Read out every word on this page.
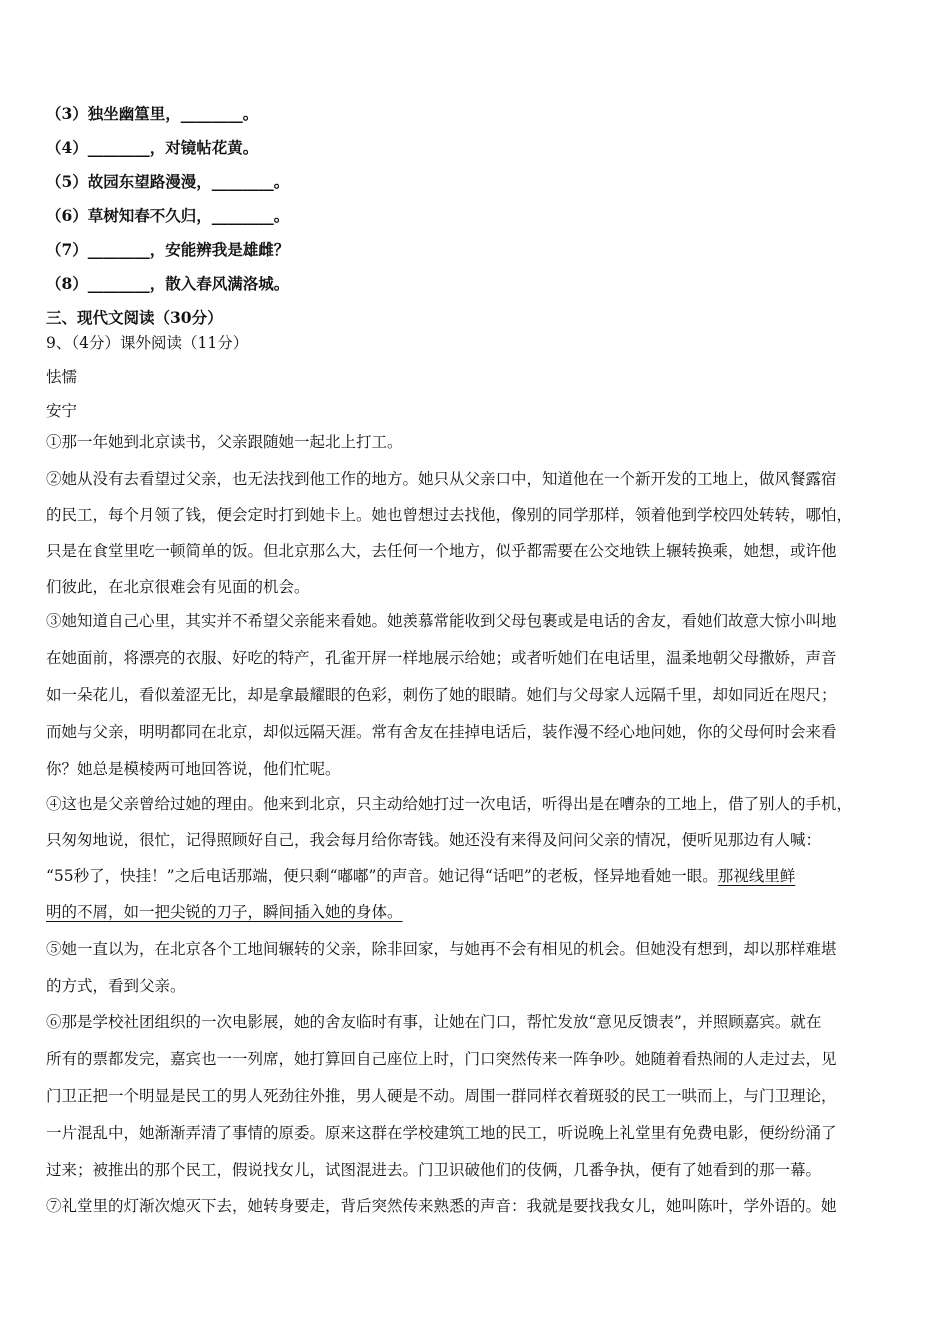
（3）独坐幽篁里，________。
（4）________，对镜帖花黄。
（5）故园东望路漫漫，________。
（6）草树知春不久归，________。
（7）________，安能辨我是雄雌？
（8）________，散入春风满洛城。
三、现代文阅读（30分）
9、（4分）课外阅读（11分）
怯懦
安宁
①那一年她到北京读书，父亲跟随她一起北上打工。
②她从没有去看望过父亲，也无法找到他工作的地方。她只从父亲口中，知道他在一个新开发的工地上，做风餐露宿
的民工，每个月领了钱，便会定时打到她卡上。她也曾想过去找他，像别的同学那样，领着他到学校四处转转，哪怕，
只是在食堂里吃一顿简单的饭。但北京那么大，去任何一个地方，似乎都需要在公交地铁上辗转换乘，她想，或许他
们彼此，在北京很难会有见面的机会。
③她知道自己心里，其实并不希望父亲能来看她。她羡慕常能收到父母包裹或是电话的舍友，看她们故意大惊小叫地
在她面前，将漂亮的衣服、好吃的特产，孔雀开屏一样地展示给她；或者听她们在电话里，温柔地朝父母撒娇，声音
如一朵花儿，看似羞涩无比，却是拿最耀眼的色彩，刺伤了她的眼睛。她们与父母家人远隔千里，却如同近在咫尺；
而她与父亲，明明都同在北京，却似远隔天涯。常有舍友在挂掉电话后，装作漫不经心地问她，你的父母何时会来看
你？她总是模棱两可地回答说，他们忙呢。
④这也是父亲曾给过她的理由。他来到北京，只主动给她打过一次电话，听得出是在嘈杂的工地上，借了别人的手机，
只匆匆地说，很忙，记得照顾好自己，我会每月给你寄钱。她还没有来得及问问父亲的情况，便听见那边有人喊：
“55秒了，快挂！”之后电话那端，便只剩“嘟嘟”的声音。她记得“话吧”的老板，怪异地看她一眼。那视线里鲜
明的不屑，如一把尖锐的刀子，瞬间插入她的身体。
⑤她一直以为，在北京各个工地间辗转的父亲，除非回家，与她再不会有相见的机会。但她没有想到，却以那样难堪
的方式，看到父亲。
⑥那是学校社团组织的一次电影展，她的舍友临时有事，让她在门口，帮忙发放“意见反馈表”，并照顾嘉宾。就在
所有的票都发完，嘉宾也一一列席，她打算回自己座位上时，门口突然传来一阵争吵。她随着看热闹的人走过去，见
门卫正把一个明显是民工的男人死劲往外推，男人硬是不动。周围一群同样衣着斑驳的民工一哄而上，与门卫理论，
一片混乱中，她渐渐弄清了事情的原委。原来这群在学校建筑工地的民工，听说晚上礼堂里有免费电影，便纷纷涌了
过来；被推出的那个民工，假说找女儿，试图混进去。门卫识破他们的伎俩，几番争执，便有了她看到的那一幕。
⑦礼堂里的灯渐次熄灭下去，她转身要走，背后突然传来熟悉的声音：我就是要找我女儿，她叫陈叶，学外语的。她
